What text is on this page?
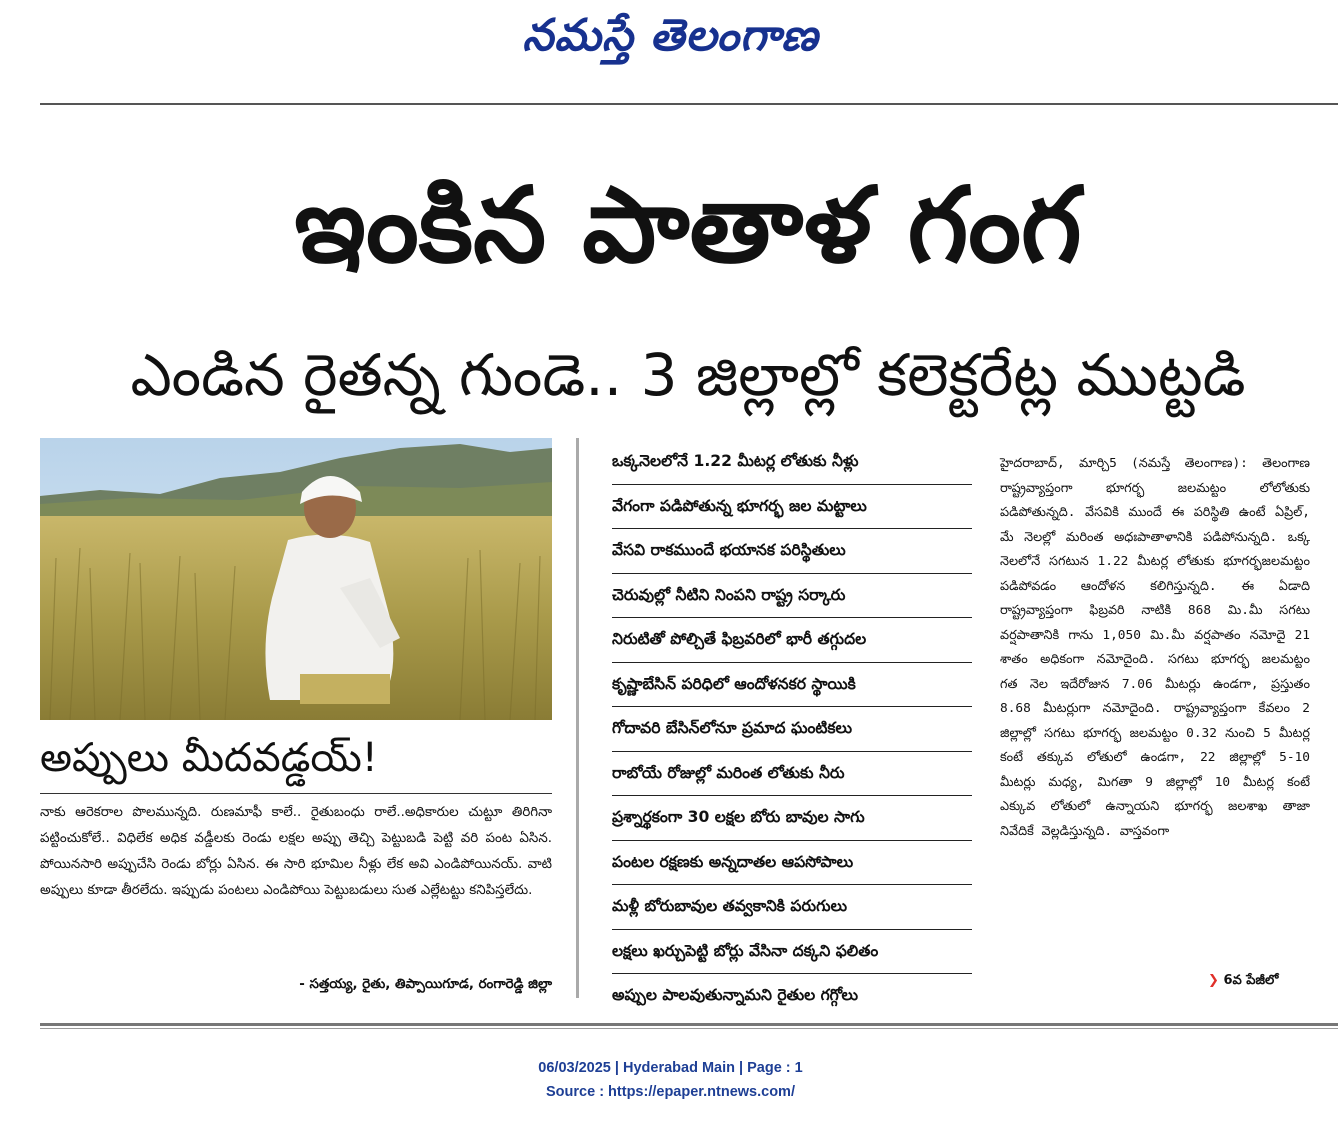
నమస్తే తెలంగాణ
ఇంకిన పాతాళ గంగ
ఎండిన రైతన్న గుండె.. 3 జిల్లాల్లో కలెక్టరేట్ల ముట్టడి
అప్పులు మీదవడ్డయ్!
నాకు ఆరెకరాల పొలమున్నది. రుణమాఫీ కాలే.. రైతుబంధు రాలే..అధికారుల చుట్టూ తిరిగినా పట్టించుకోలే.. విధిలేక అధిక వడ్డీలకు రెండు లక్షల అప్పు తెచ్చి పెట్టుబడి పెట్టి వరి పంట ఏసిన. పోయినసారి అప్పుచేసి రెండు బోర్లు ఏసిన. ఈ సారి భూమిల నీళ్లు లేక అవి ఎండిపోయినయ్. వాటి అప్పులు కూడా తీరలేదు. ఇప్పుడు పంటలు ఎండిపోయి పెట్టుబడులు సుత ఎల్లేటట్టు కనిపిస్తలేదు.
- సత్తయ్య, రైతు, తిప్పాయిగూడ, రంగారెడ్డి జిల్లా
ఒక్కనెలలోనే 1.22 మీటర్ల లోతుకు నీళ్లు
వేగంగా పడిపోతున్న భూగర్భ జల మట్టాలు
వేసవి రాకముందే భయానక పరిస్థితులు
చెరువుల్లో నీటిని నింపని రాష్ట్ర సర్కారు
నిరుటితో పోల్చితే ఫిబ్రవరిలో భారీ తగ్గుదల
కృష్ణాబేసిన్ పరిధిలో ఆందోళనకర స్థాయికి
గోదావరి బేసిన్‌లోనూ ప్రమాద ఘంటికలు
రాబోయే రోజుల్లో మరింత లోతుకు నీరు
ప్రశ్నార్థకంగా 30 లక్షల బోరు బావుల సాగు
పంటల రక్షణకు అన్నదాతల ఆపసోపాలు
మళ్లీ బోరుబావుల తవ్వకానికి పరుగులు
లక్షలు ఖర్చుపెట్టి బోర్లు వేసినా దక్కని ఫలితం
అప్పుల పాలవుతున్నామని రైతుల గగ్గోలు
హైదరాబాద్, మార్చి5 (నమస్తే తెలంగాణ): తెలంగాణ రాష్ట్రవ్యాప్తంగా భూగర్భ జలమట్టం లోలోతుకు పడిపోతున్నది. వేసవికి ముందే ఈ పరిస్థితి ఉంటే ఏప్రిల్, మే నెలల్లో మరింత అధఃపాతాళానికి పడిపోనున్నది. ఒక్క నెలలోనే సగటున 1.22 మీటర్ల లోతుకు భూగర్భజలమట్టం పడిపోవడం ఆందోళన కలిగిస్తున్నది. ఈ ఏడాది రాష్ట్రవ్యాప్తంగా ఫిబ్రవరి నాటికి 868 మి.మీ సగటు వర్షపాతానికి గాను 1,050 మి.మీ వర్షపాతం నమోదై 21 శాతం అధికంగా నమోదైంది. సగటు భూగర్భ జలమట్టం గత నెల ఇదేరోజున 7.06 మీటర్లు ఉండగా, ప్రస్తుతం 8.68 మీటర్లుగా నమోదైంది. రాష్ట్రవ్యాప్తంగా కేవలం 2 జిల్లాల్లో సగటు భూగర్భ జలమట్టం 0.32 నుంచి 5 మీటర్ల కంటే తక్కువ లోతులో ఉండగా, 22 జిల్లాల్లో 5-10 మీటర్లు మధ్య, మిగతా 9 జిల్లాల్లో 10 మీటర్ల కంటే ఎక్కువ లోతులో ఉన్నాయని భూగర్భ జలశాఖ తాజా నివేదికే వెల్లడిస్తున్నది. వాస్తవంగా
❯ 6వ పేజీలో
06/03/2025 | Hyderabad Main | Page : 1
Source : https://epaper.ntnews.com/
